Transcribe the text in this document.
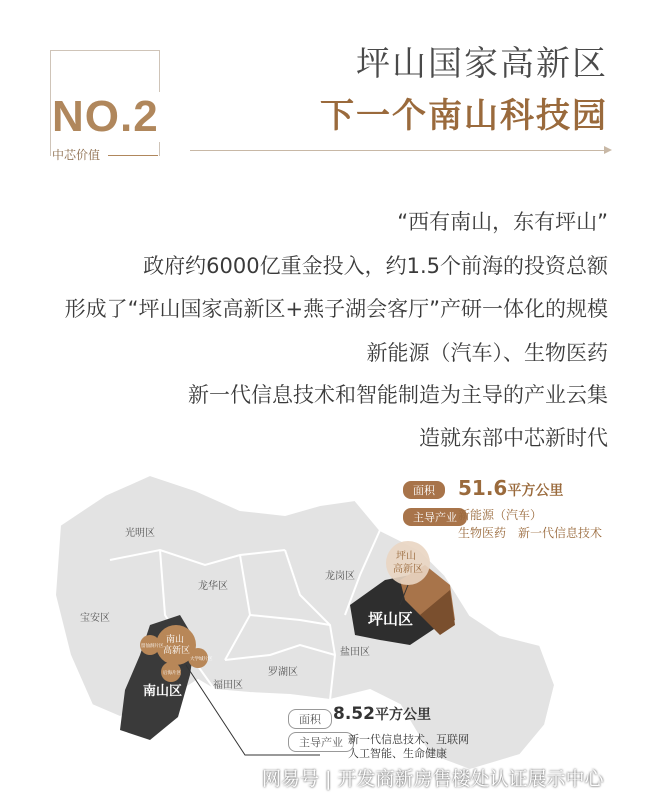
NO.2
中芯价值
坪山国家高新区
下一个南山科技园
“西有南山，东有坪山”
政府约6000亿重金投入，约1.5个前海的投资总额
形成了“坪山国家高新区+燕子湖会客厅”产研一体化的规模
新能源（汽车）、生物医药
新一代信息技术和智能制造为主导的产业云集
造就东部中芯新时代
光明区
宝安区
龙华区
龙岗区
罗湖区
盐田区
福田区
坪山区
南山区
坪山
高新区
南山
高新区
留仙洞片区
大学城片区
后海片区
面积	51.6平方公里
主导产业 新能源（汽车）
生物医药　新一代信息技术
面积 8.52平方公里
主导产业 新一代信息技术、互联网
人工智能、生命健康
网易号 | 开发商新房售楼处认证展示中心
